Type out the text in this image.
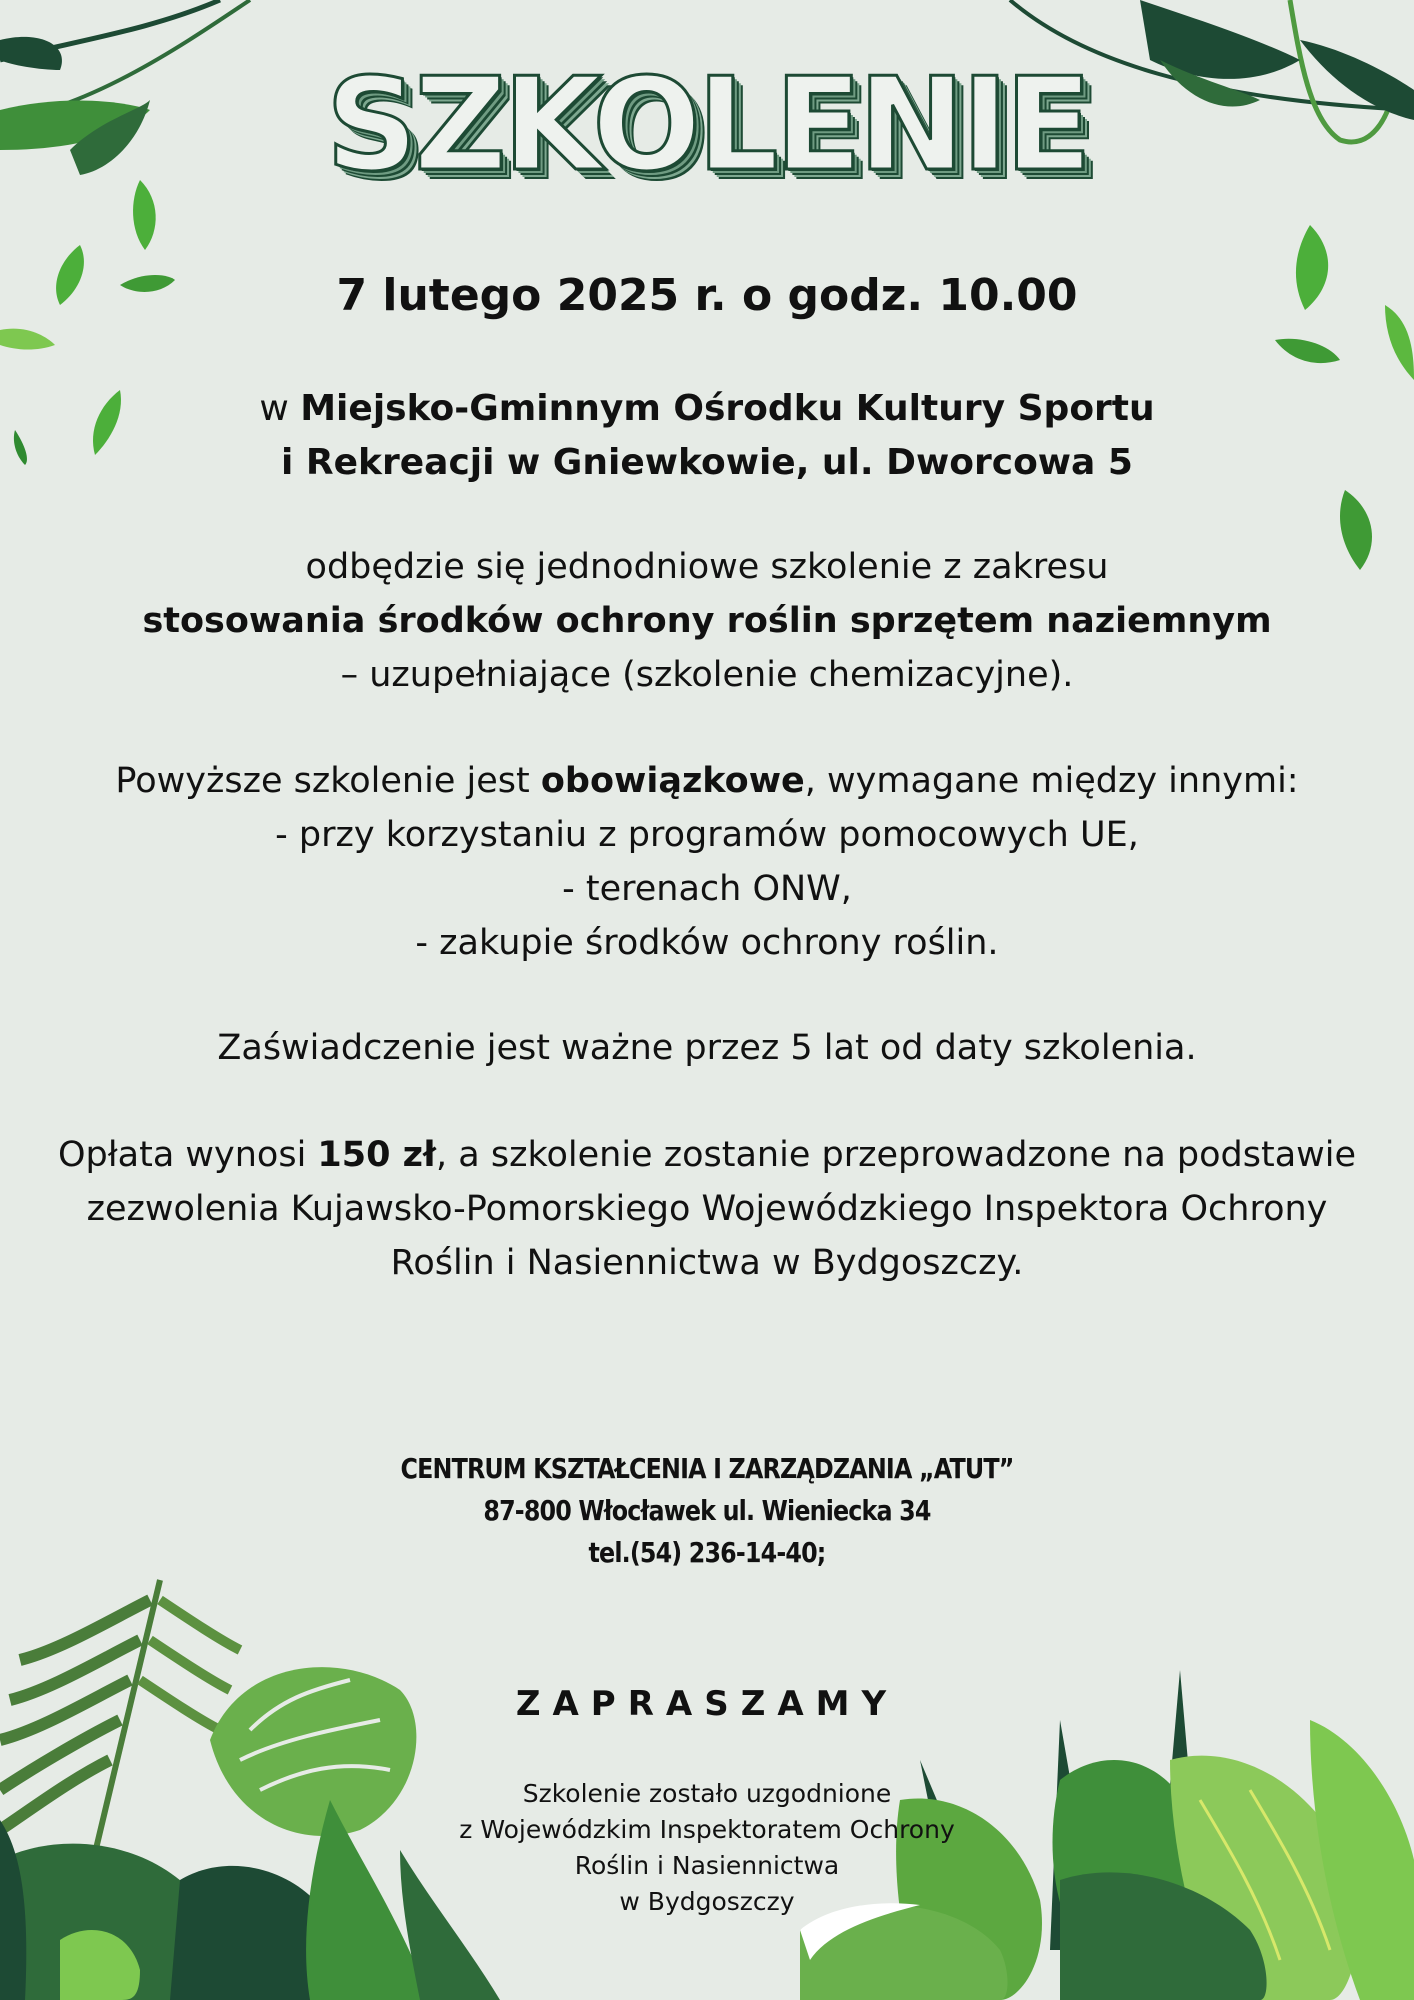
SZKOLENIE
7 lutego 2025 r. o godz. 10.00
w Miejsko-Gminnym Ośrodku Kultury Sportu
i Rekreacji w Gniewkowie, ul. Dworcowa 5
odbędzie się jednodniowe szkolenie z zakresu
stosowania środków ochrony roślin sprzętem naziemnym
– uzupełniające (szkolenie chemizacyjne).
Powyższe szkolenie jest obowiązkowe, wymagane między innymi:
- przy korzystaniu z programów pomocowych UE,
- terenach ONW,
- zakupie środków ochrony roślin.
Zaświadczenie jest ważne przez 5 lat od daty szkolenia.
Opłata wynosi 150 zł, a szkolenie zostanie przeprowadzone na podstawie
zezwolenia Kujawsko-Pomorskiego Wojewódzkiego Inspektora Ochrony
Roślin i Nasiennictwa w Bydgoszczy.
CENTRUM KSZTAŁCENIA I ZARZĄDZANIA „ATUT”
87-800 Włocławek ul. Wieniecka 34
tel.(54) 236-14-40;
ZAPRASZAMY
Szkolenie zostało uzgodnione
z Wojewódzkim Inspektoratem Ochrony
Roślin i Nasiennictwa
w Bydgoszczy
